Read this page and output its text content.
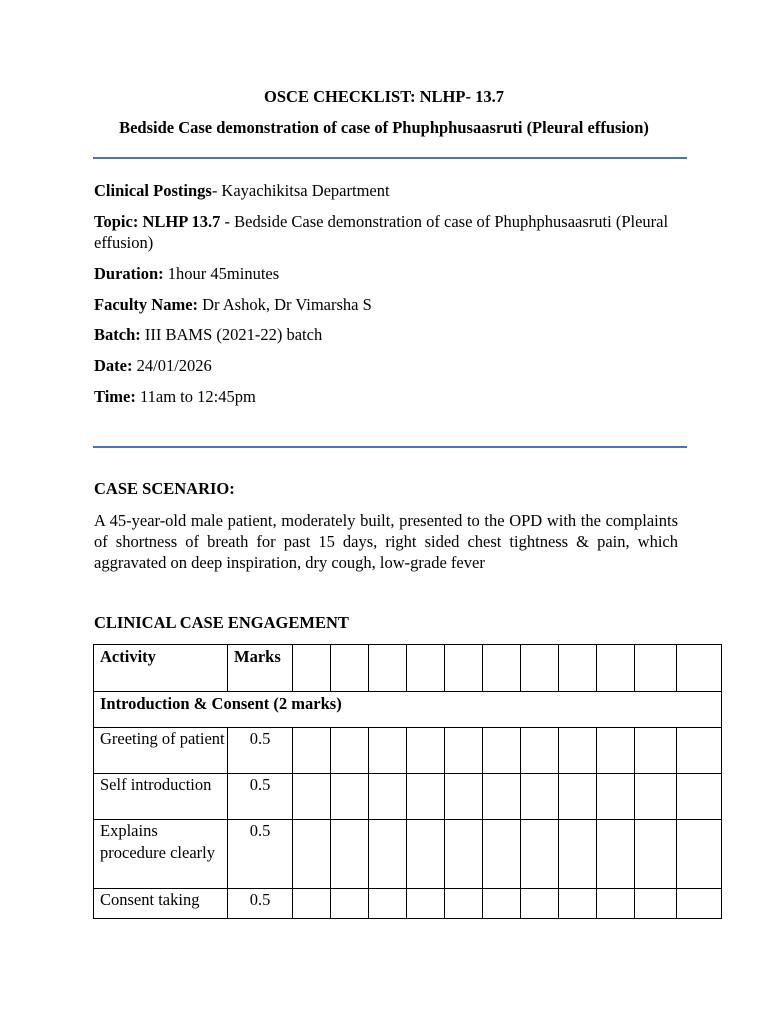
OSCE CHECKLIST: NLHP- 13.7
Bedside Case demonstration of case of Phuphphusaasruti (Pleural effusion)
Clinical Postings- Kayachikitsa Department
Topic: NLHP 13.7 - Bedside Case demonstration of case of Phuphphusaasruti (Pleural effusion)
Duration: 1hour 45minutes
Faculty Name: Dr Ashok, Dr Vimarsha S
Batch: III BAMS (2021-22) batch
Date: 24/01/2026
Time: 11am to 12:45pm
CASE SCENARIO:
A 45-year-old male patient, moderately built, presented to the OPD with the complaints of shortness of breath for past 15 days, right sided chest tightness & pain, which aggravated on deep inspiration, dry cough, low-grade fever
CLINICAL CASE ENGAGEMENT
Activity	Marks											
Introduction & Consent (2 marks)												
Greeting of patient	0.5											
Self introduction	0.5											
Explains procedure clearly	0.5											
Consent taking	0.5											
